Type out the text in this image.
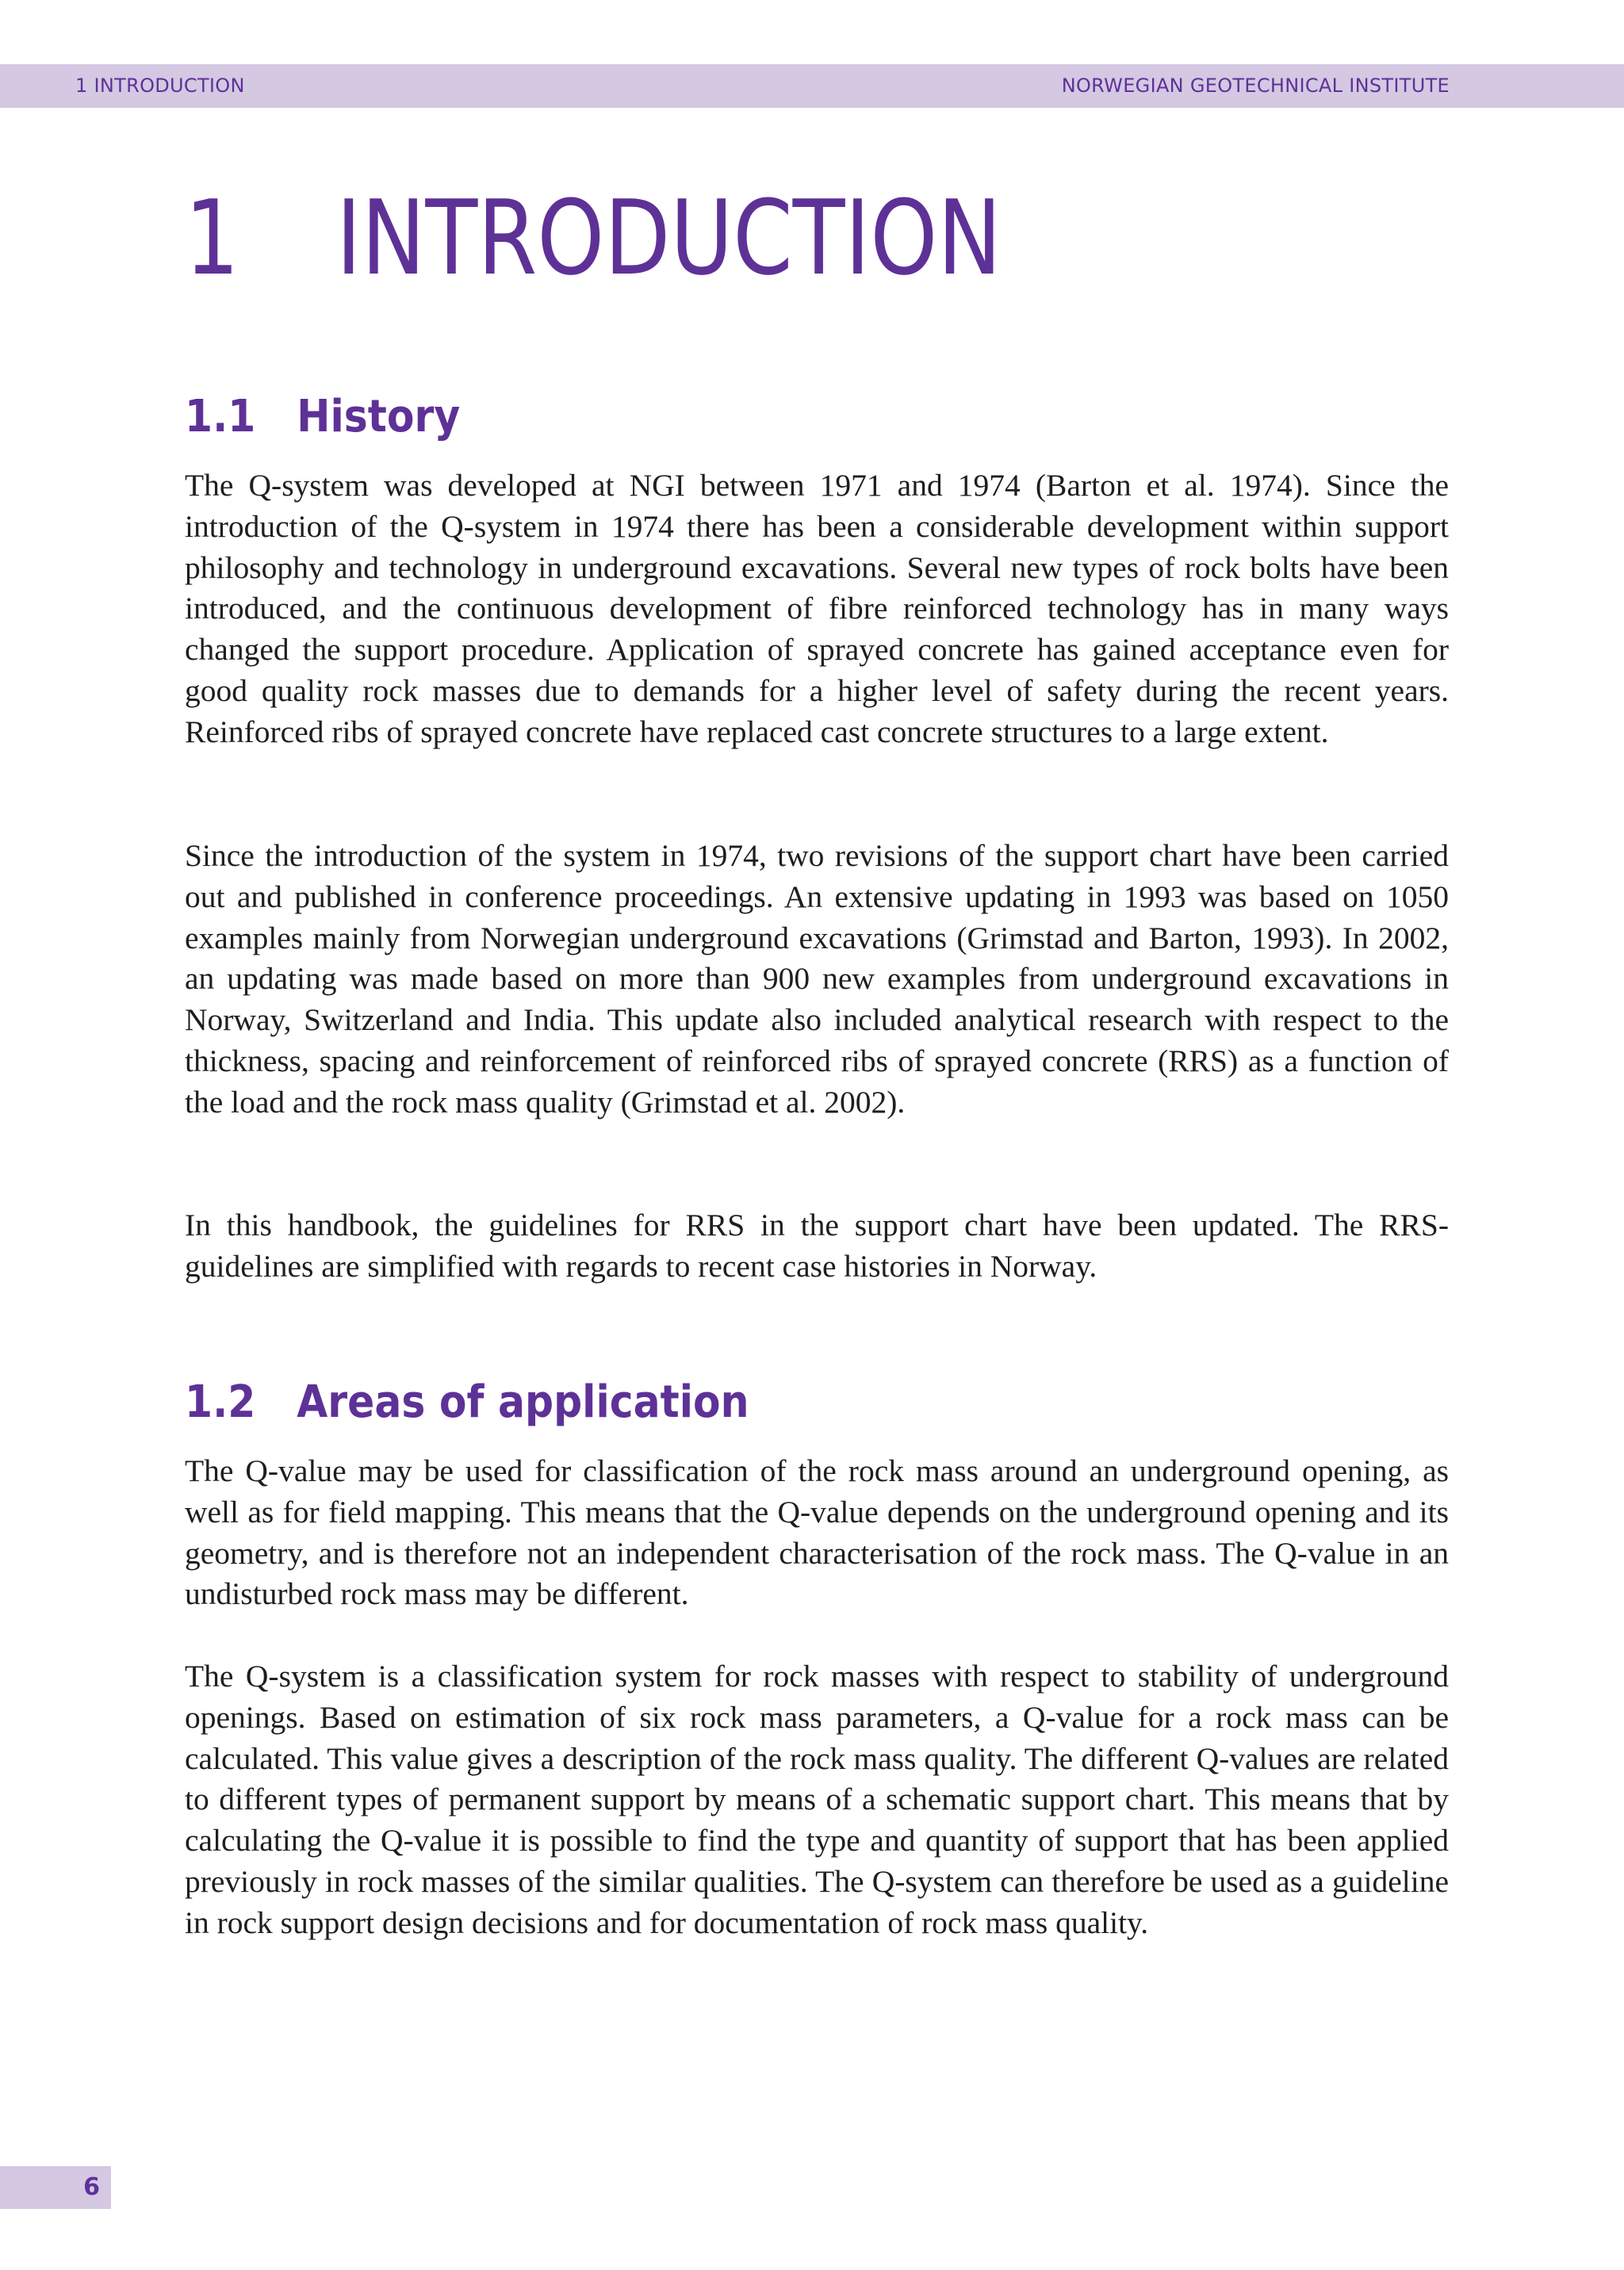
1 INTRODUCTION	NORWEGIAN GEOTECHNICAL INSTITUTE
1 INTRODUCTION
1.1 History

The Q-system was developed at NGI between 1971 and 1974 (Barton et al. 1974). Since the introduction of the Q-system in 1974 there has been a considerable development within support philosophy and technology in underground excavations. Several new types of rock bolts have been introduced, and the continuous development of fibre reinforced technology has in many ways changed the support procedure. Application of sprayed concrete has gained acceptance even for good quality rock masses due to demands for a higher level of safety during the recent years. Reinforced ribs of sprayed concrete have replaced cast concrete structures to a large extent.

Since the introduction of the system in 1974, two revisions of the support chart have been carried out and published in conference proceedings. An extensive updating in 1993 was based on 1050 examples mainly from Norwegian underground excavations (Grimstad and Barton, 1993). In 2002, an updating was made based on more than 900 new examples from underground excavations in Norway, Switzerland and India. This update also included analytical research with respect to the thickness, spacing and reinforcement of reinforced ribs of sprayed concrete (RRS) as a function of the load and the rock mass quality (Grimstad et al. 2002).

In this handbook, the guidelines for RRS in the support chart have been updated. The RRS-guidelines are simplified with regards to recent case histories in Norway.

1.2 Areas of application

The Q-value may be used for classification of the rock mass around an underground opening, as well as for field mapping. This means that the Q-value depends on the underground opening and its geometry, and is therefore not an independent characterisation of the rock mass. The Q-value in an undisturbed rock mass may be different.

The Q-system is a classification system for rock masses with respect to stability of underground openings. Based on estimation of six rock mass parameters, a Q-value for a rock mass can be calculated. This value gives a description of the rock mass quality. The different Q-values are related to different types of permanent support by means of a schematic support chart. This means that by calculating the Q-value it is possible to find the type and quantity of support that has been applied previously in rock masses of the similar qualities. The Q-system can therefore be used as a guideline in rock support design decisions and for documentation of rock mass quality.

6
